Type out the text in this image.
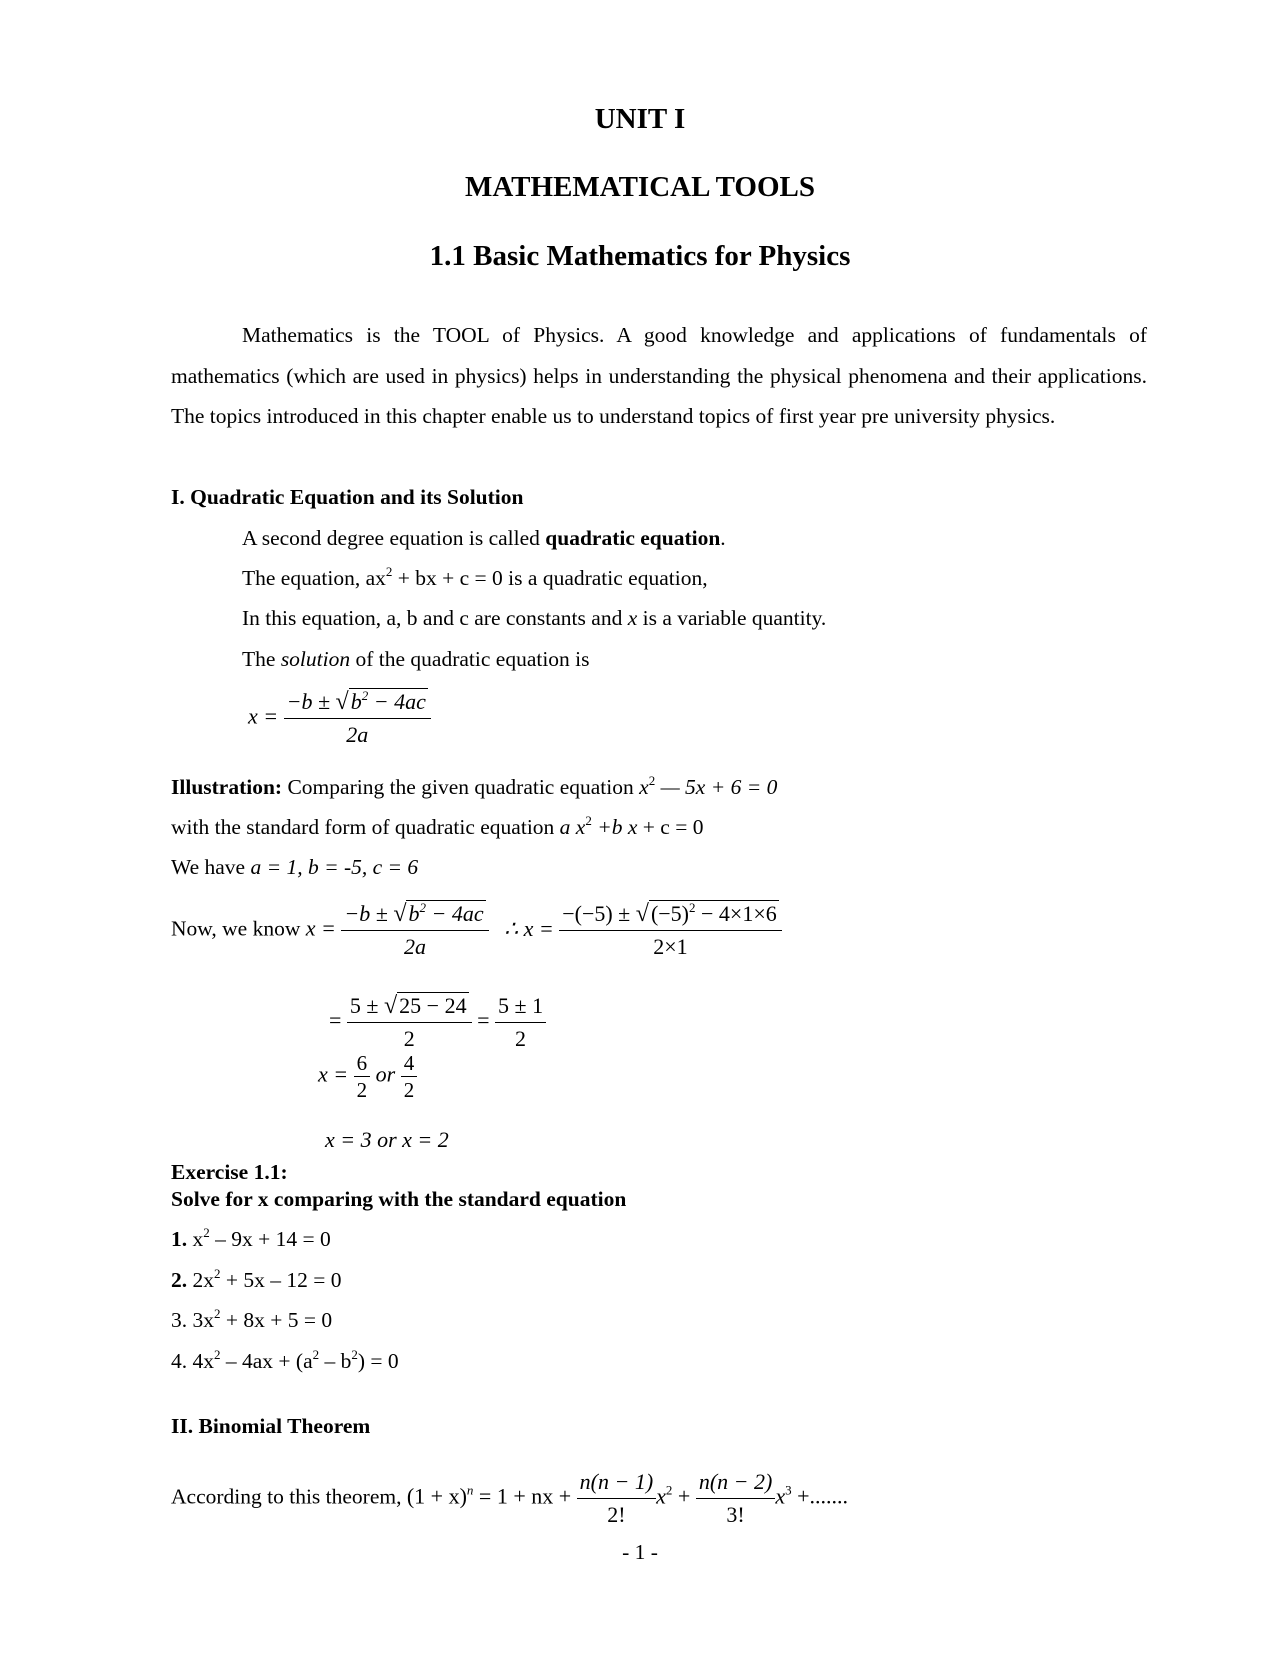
UNIT I
MATHEMATICAL TOOLS
1.1 Basic Mathematics for Physics
Mathematics is the TOOL of Physics. A good knowledge and applications of fundamentals of mathematics (which are used in physics) helps in understanding the physical phenomena and their applications. The topics introduced in this chapter enable us to understand topics of first year pre university physics.
I. Quadratic Equation and its Solution
A second degree equation is called quadratic equation.
The equation, $ax^2$ + bx + c = 0 is a quadratic equation,
In this equation, a, b and c are constants and x is a variable quantity.
The solution of the quadratic equation is
$x = \frac{-b \pm √b^2 - 4ac}{2a}$
Illustration: Comparing the given quadratic equation $x^2$ — 5x + 6 = 0
with the standard form of quadratic equation a $x^2 +b$ x + c = 0
We have a = 1, b = -5, c = 6
Now, we know $x = \frac{-b \pm √b^2 - 4ac}{2a}$ ∴ $x = \frac{-(-5) \pm √(-5)^2 - 4\times 1\times 6}{2\times 1}$
= $\frac{5 \pm √25 - 24}{2} = \frac{5 \pm 1}{2}$
$x = \frac{6}{2}$ or $\frac{4}{2}$
x = 3 or x = 2
Exercise 1.1:
Solve for x comparing with the standard equation
1. $x^2 - 9x + 14 = 0$
2. $2x^2 + 5x - 12 = 0$
3. $3x^2 + 8x + 5 = 0$
4. $4x^2 - 4ax + (a^2 - b^2) = 0$
II. Binomial Theorem
According to this theorem, $(1 + x)^n = 1$ + nx + $\frac{n(n - 1)}{2!} x^2 + \frac{n(n - 2)}{3!} x^3$ +.......
- 1 -
